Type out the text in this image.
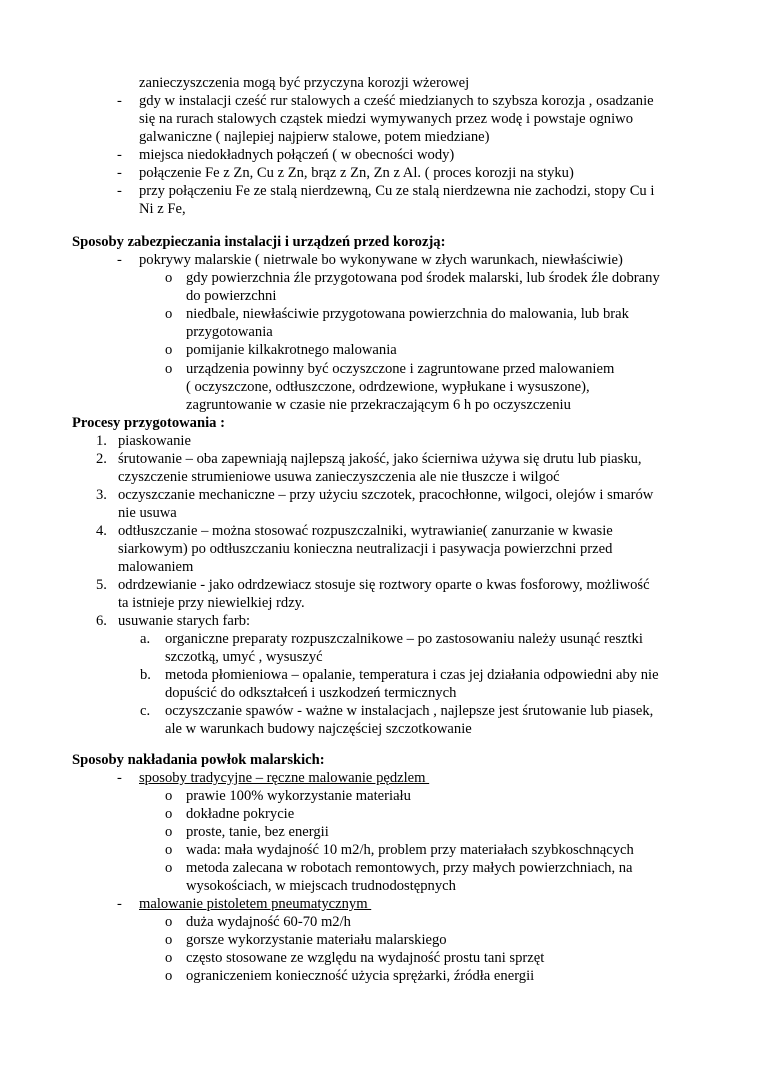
zanieczyszczenia mogą być przyczyna korozji wżerowej
- gdy w instalacji cześć rur stalowych a cześć miedzianych to szybsza korozja , osadzanie
się na rurach stalowych cząstek miedzi wymywanych przez wodę i powstaje ogniwo
galwaniczne ( najlepiej najpierw stalowe, potem miedziane)
- miejsca niedokładnych połączeń ( w obecności wody)
- połączenie Fe z Zn, Cu z Zn, brąz z Zn, Zn z Al. ( proces korozji na styku)
- przy połączeniu Fe ze stalą nierdzewną, Cu ze stalą nierdzewna nie zachodzi, stopy Cu i
Ni z Fe,
Sposoby zabezpieczania instalacji i urządzeń przed korozją:
- pokrywy malarskie ( nietrwale bo wykonywane w złych warunkach, niewłaściwie)
o gdy powierzchnia źle przygotowana pod środek malarski, lub środek źle dobrany
do powierzchni
o niedbale, niewłaściwie przygotowana powierzchnia do malowania, lub brak
przygotowania
o pomijanie kilkakrotnego malowania
o urządzenia powinny być oczyszczone i zagruntowane przed malowaniem
( oczyszczone, odtłuszczone, odrdzewione, wypłukane i wysuszone),
zagruntowanie w czasie nie przekraczającym 6 h po oczyszczeniu
Procesy przygotowania :
1. piaskowanie
2. śrutowanie – oba zapewniają najlepszą jakość, jako ścierniwa używa się drutu lub piasku,
czyszczenie strumieniowe usuwa zanieczyszczenia ale nie tłuszcze i wilgoć
3. oczyszczanie mechaniczne – przy użyciu szczotek, pracochłonne, wilgoci, olejów i smarów
nie usuwa
4. odtłuszczanie – można stosować rozpuszczalniki, wytrawianie( zanurzanie w kwasie
siarkowym) po odtłuszczaniu konieczna neutralizacji i pasywacja powierzchni przed
malowaniem
5. odrdzewianie - jako odrdzewiacz stosuje się roztwory oparte o kwas fosforowy, możliwość
ta istnieje przy niewielkiej rdzy.
6. usuwanie starych farb:
a. organiczne preparaty rozpuszczalnikowe – po zastosowaniu należy usunąć resztki
szczotką, umyć , wysuszyć
b. metoda płomieniowa – opalanie, temperatura i czas jej działania odpowiedni aby nie
dopuścić do odkształceń i uszkodzeń termicznych
c. oczyszczanie spawów - ważne w instalacjach , najlepsze jest śrutowanie lub piasek,
ale w warunkach budowy najczęściej szczotkowanie
Sposoby nakładania powłok malarskich:
- sposoby tradycyjne – ręczne malowanie pędzlem
o prawie 100% wykorzystanie materiału
o dokładne pokrycie
o proste, tanie, bez energii
o wada: mała wydajność 10 m2/h, problem przy materiałach szybkoschnących
o metoda zalecana w robotach remontowych, przy małych powierzchniach, na
wysokościach, w miejscach trudnodostępnych
- malowanie pistoletem pneumatycznym
o duża wydajność 60-70 m2/h
o gorsze wykorzystanie materiału malarskiego
o często stosowane ze względu na wydajność prostu tani sprzęt
o ograniczeniem konieczność użycia sprężarki, źródła energii
